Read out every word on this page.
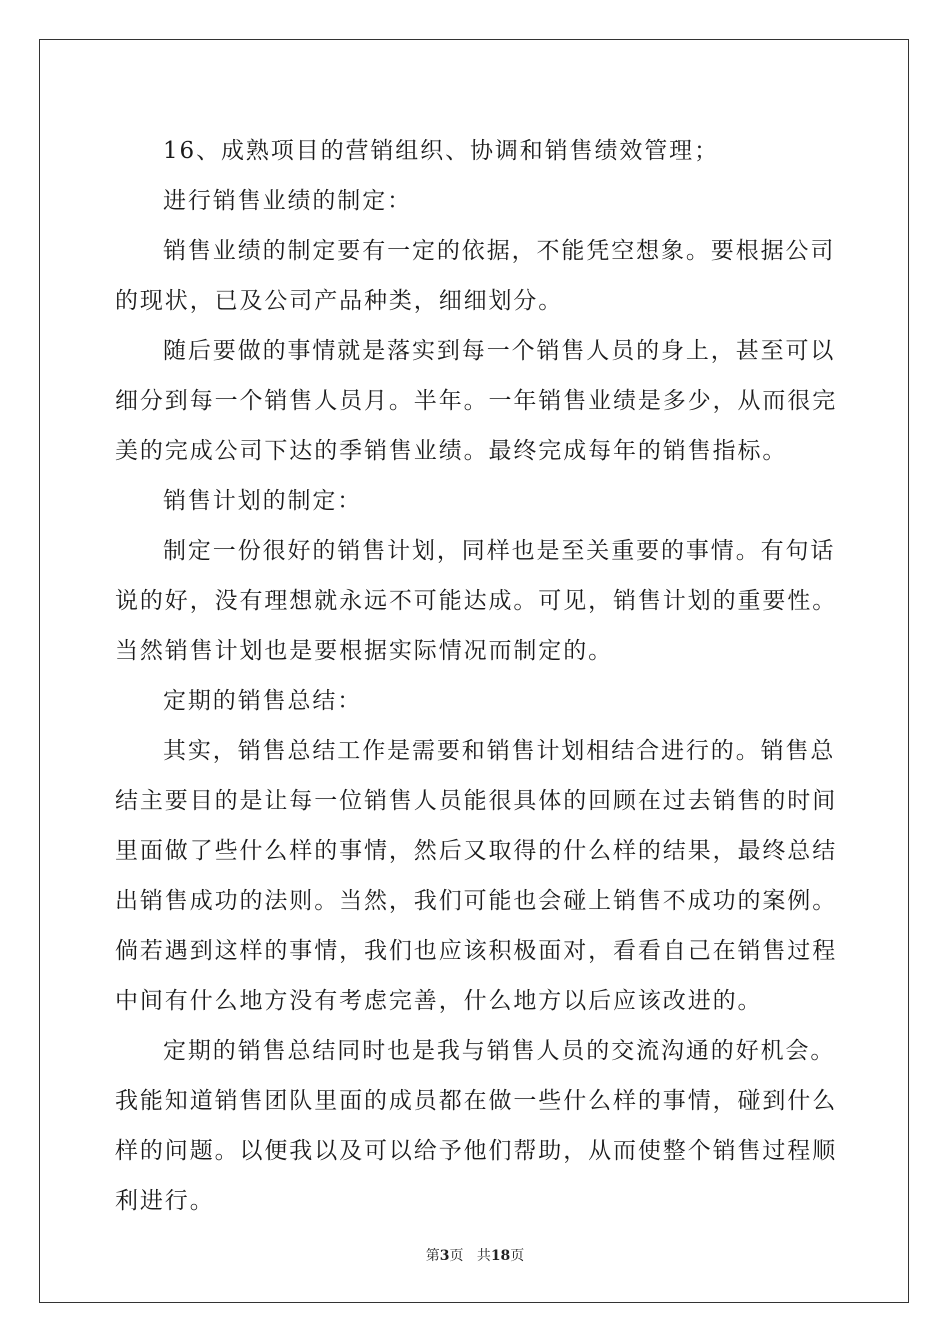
16、成熟项目的营销组织、协调和销售绩效管理；

进行销售业绩的制定：

销售业绩的制定要有一定的依据，不能凭空想象。要根据公司的现状，已及公司产品种类，细细划分。

随后要做的事情就是落实到每一个销售人员的身上，甚至可以细分到每一个销售人员月。半年。一年销售业绩是多少，从而很完美的完成公司下达的季销售业绩。最终完成每年的销售指标。

销售计划的制定：

制定一份很好的销售计划，同样也是至关重要的事情。有句话说的好，没有理想就永远不可能达成。可见，销售计划的重要性。当然销售计划也是要根据实际情况而制定的。

定期的销售总结：

其实，销售总结工作是需要和销售计划相结合进行的。销售总结主要目的是让每一位销售人员能很具体的回顾在过去销售的时间里面做了些什么样的事情，然后又取得的什么样的结果，最终总结出销售成功的法则。当然，我们可能也会碰上销售不成功的案例。倘若遇到这样的事情，我们也应该积极面对，看看自己在销售过程中间有什么地方没有考虑完善，什么地方以后应该改进的。

定期的销售总结同时也是我与销售人员的交流沟通的好机会。我能知道销售团队里面的成员都在做一些什么样的事情，碰到什么样的问题。以便我以及可以给予他们帮助，从而使整个销售过程顺利进行。

第3页 共18页
